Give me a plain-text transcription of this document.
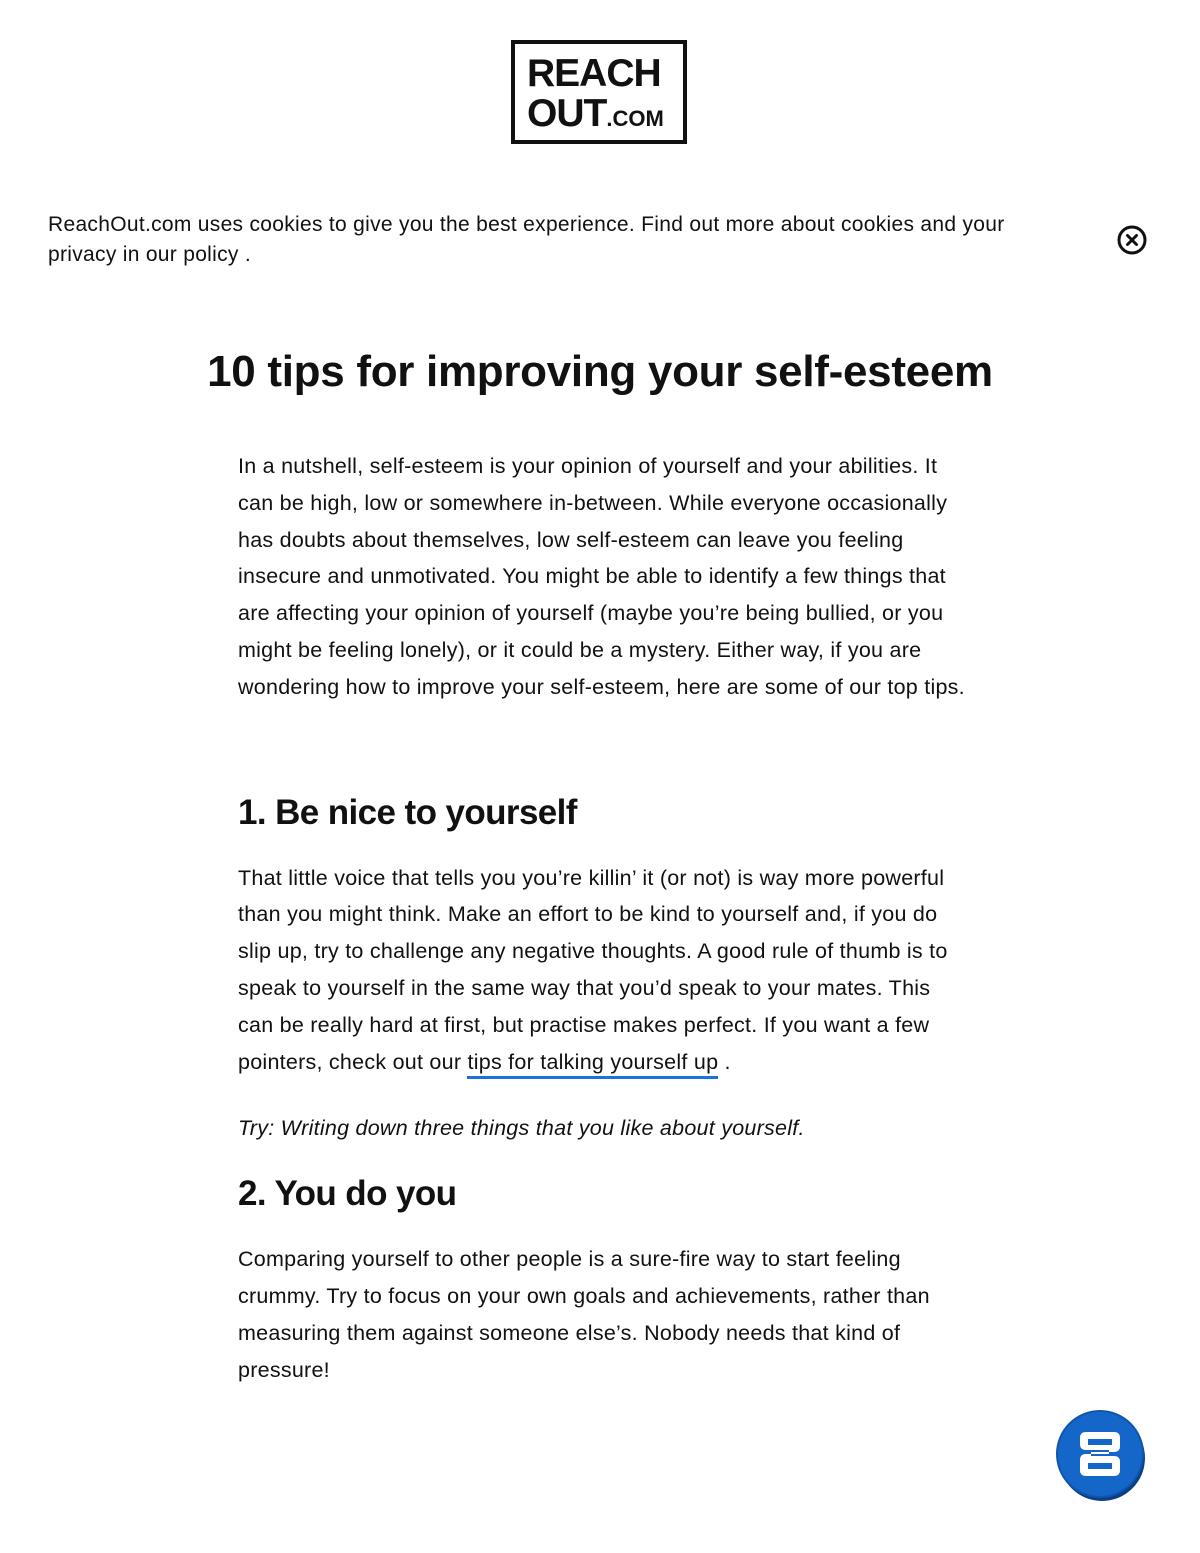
REACH
OUT.COM
ReachOut.com uses cookies to give you the best experience. Find out more about cookies and your privacy in our policy .
10 tips for improving your self-esteem

In a nutshell, self-esteem is your opinion of yourself and your abilities. It can be high, low or somewhere in-between. While everyone occasionally has doubts about themselves, low self-esteem can leave you feeling insecure and unmotivated. You might be able to identify a few things that are affecting your opinion of yourself (maybe you’re being bullied, or you might be feeling lonely), or it could be a mystery. Either way, if you are wondering how to improve your self-esteem, here are some of our top tips.

1. Be nice to yourself

That little voice that tells you you’re killin’ it (or not) is way more powerful than you might think. Make an effort to be kind to yourself and, if you do slip up, try to challenge any negative thoughts. A good rule of thumb is to speak to yourself in the same way that you’d speak to your mates. This can be really hard at first, but practise makes perfect. If you want a few pointers, check out our tips for talking yourself up .

Try: Writing down three things that you like about yourself.

2. You do you

Comparing yourself to other people is a sure-fire way to start feeling crummy. Try to focus on your own goals and achievements, rather than measuring them against someone else’s. Nobody needs that kind of pressure!
